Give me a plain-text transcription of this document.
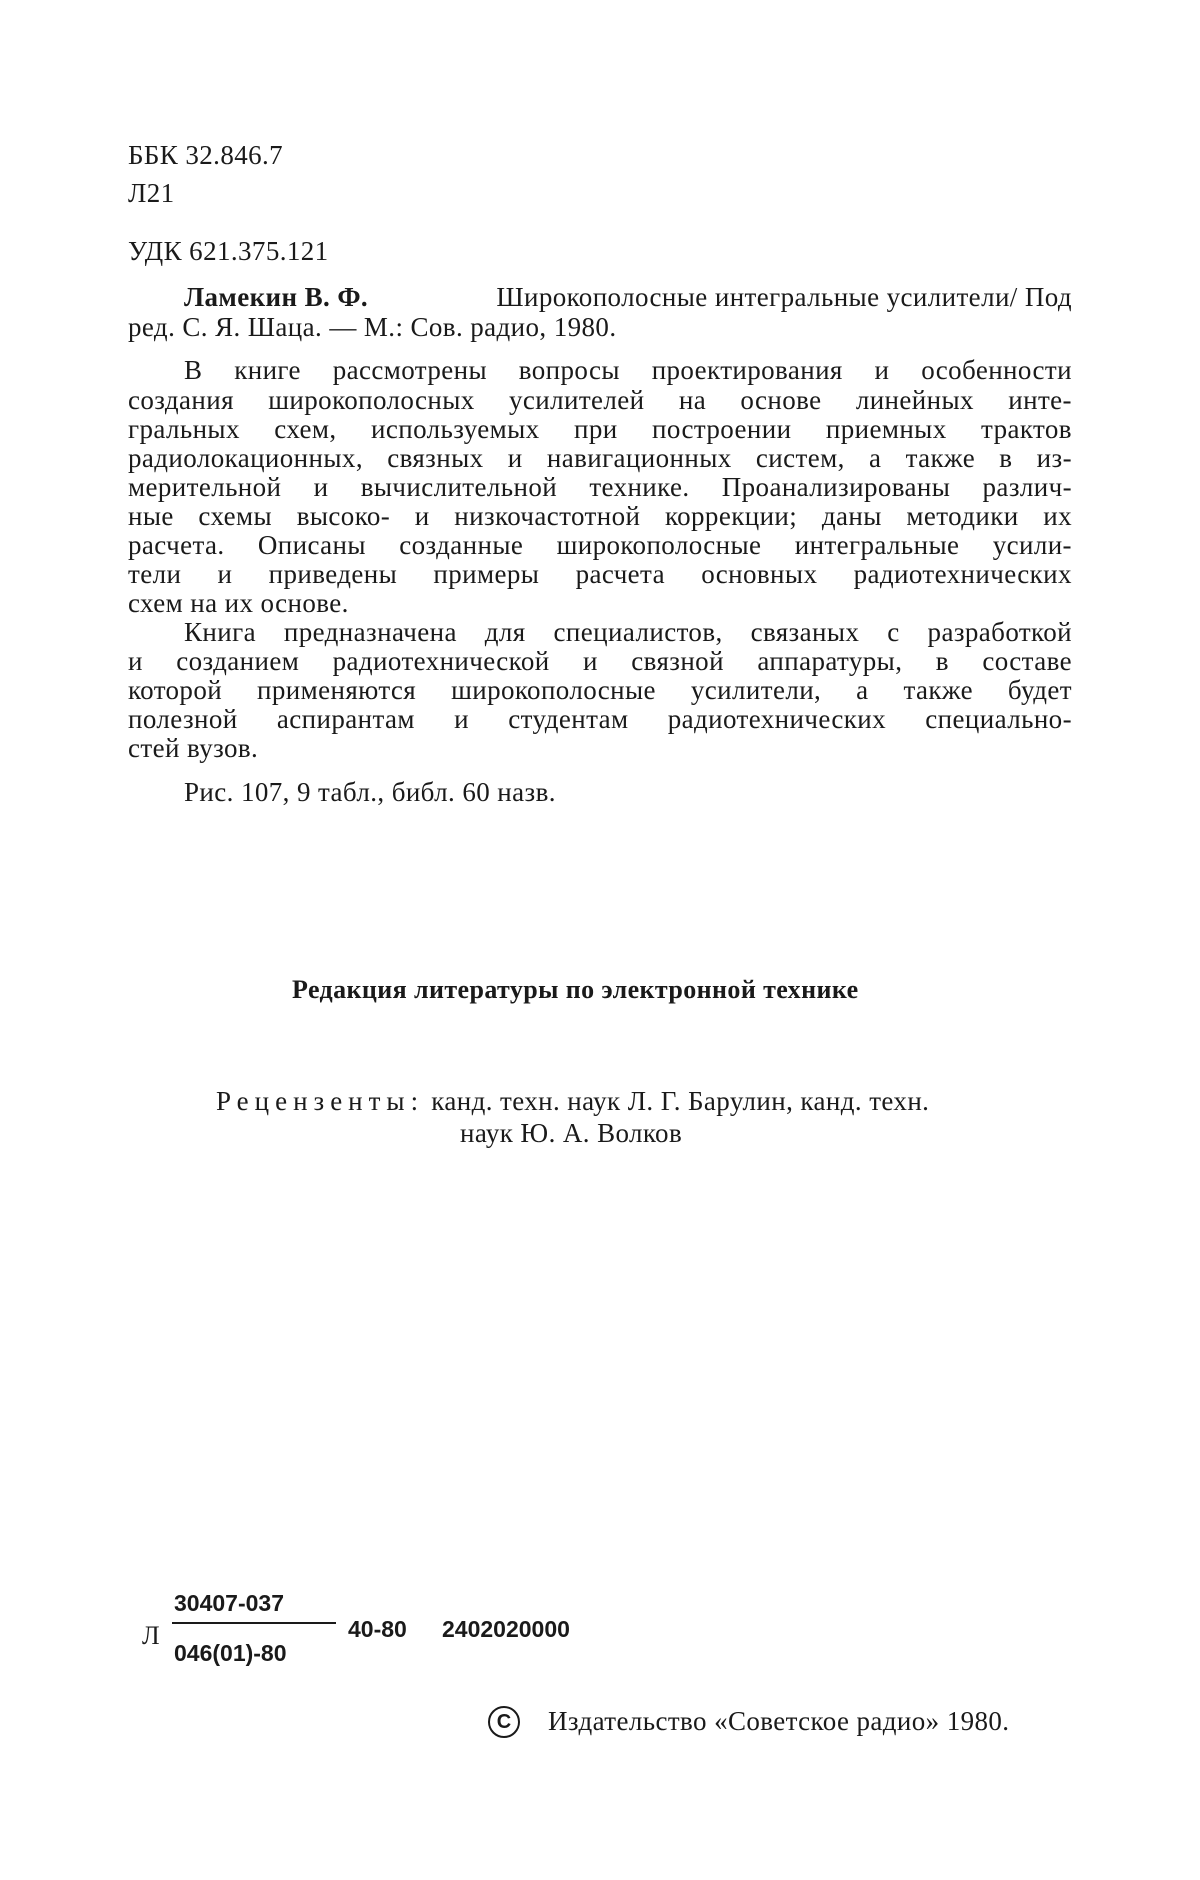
ББК 32.846.7
Л21
УДК 621.375.121
Ламекин В. Ф.	Широкополосные интегральные усилители/ Под
ред. С. Я. Шаца. — М.: Сов. радио, 1980.
В книге рассмотрены вопросы проектирования и особенности
создания широкополосных усилителей на основе линейных инте-
гральных схем, используемых при построении приемных трактов
радиолокационных, связных и навигационных систем, а также в из-
мерительной и вычислительной технике. Проанализированы различ-
ные схемы высоко- и низкочастотной коррекции; даны методики их
расчета. Описаны созданные широкополосные интегральные усили-
тели и приведены примеры расчета основных радиотехнических
схем на их основе.
Книга предназначена для специалистов, связаных с разработкой
и созданием радиотехнической и связной аппаратуры, в составе
которой применяются широкополосные усилители, а также будет
полезной аспирантам и студентам радиотехнических специально-
стей вузов.
Рис. 107, 9 табл., библ. 60 назв.
Редакция литературы по электронной технике
Рецензенты: канд. техн. наук Л. Г. Барулин, канд. техн.
наук Ю. А. Волков
Л
30407-037
046(01)-80
40-80 2402020000
С	Издательство «Советское радио» 1980.
